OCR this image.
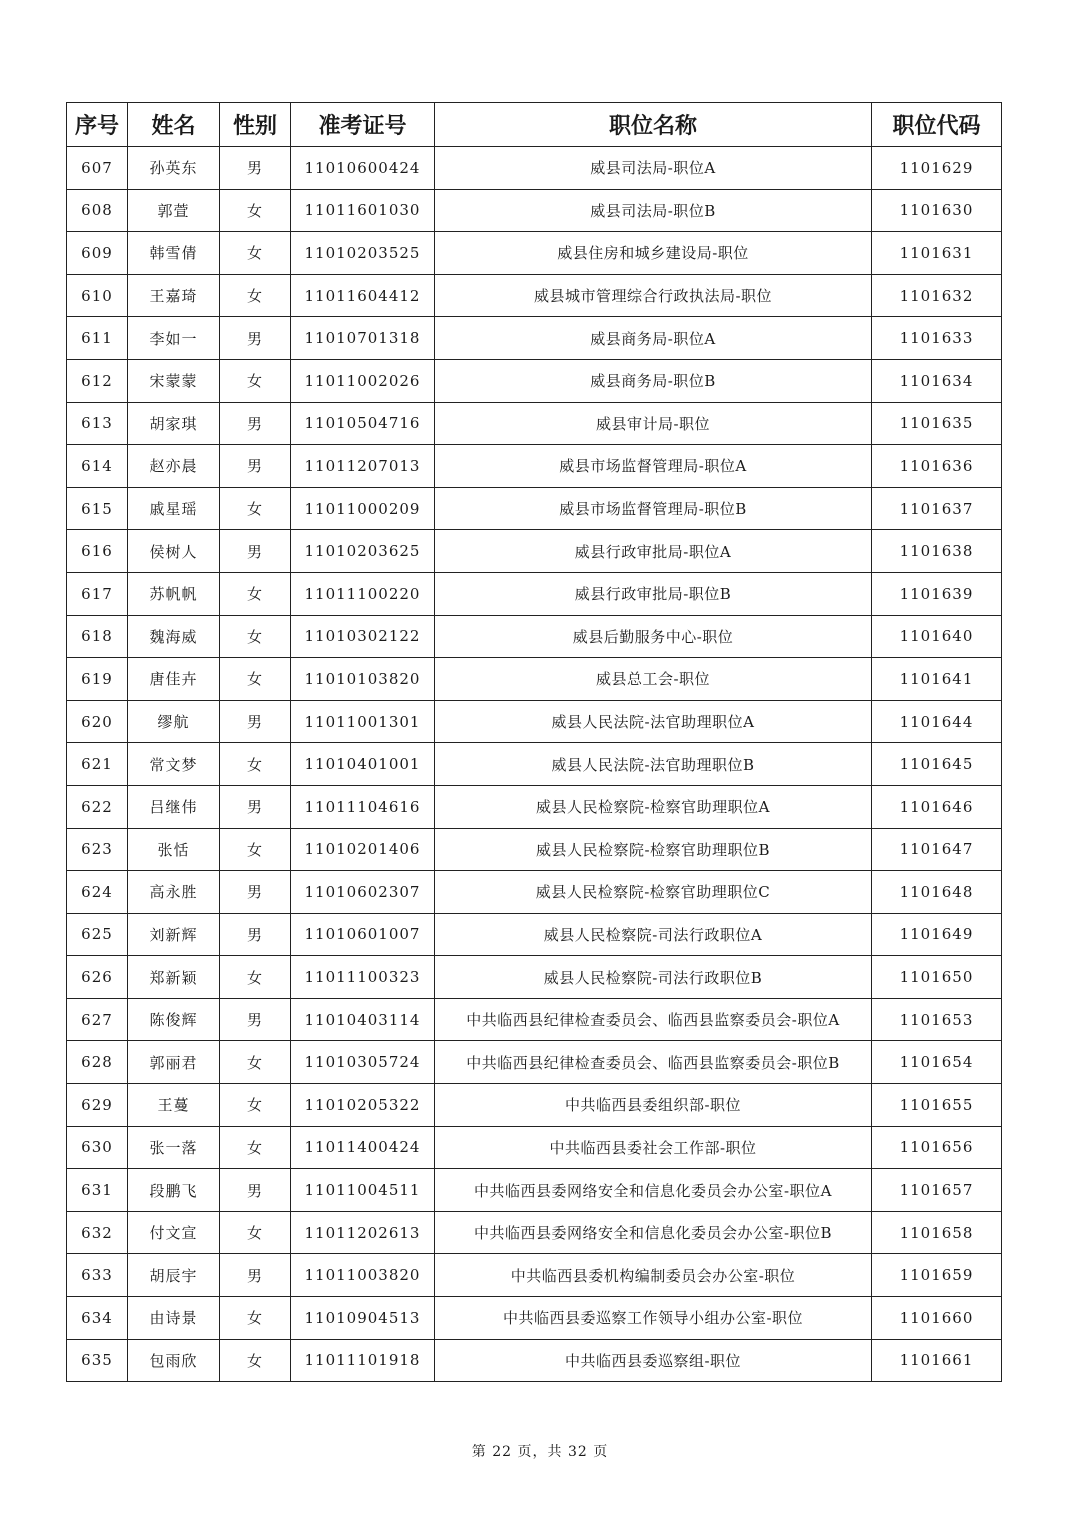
序号	姓名	性别	准考证号	职位名称	职位代码
607	孙英东	男	11010600424	威县司法局-职位A	1101629
608	郭萱	女	11011601030	威县司法局-职位B	1101630
609	韩雪倩	女	11010203525	威县住房和城乡建设局-职位	1101631
610	王嘉琦	女	11011604412	威县城市管理综合行政执法局-职位	1101632
611	李如一	男	11010701318	威县商务局-职位A	1101633
612	宋蒙蒙	女	11011002026	威县商务局-职位B	1101634
613	胡家琪	男	11010504716	威县审计局-职位	1101635
614	赵亦晨	男	11011207013	威县市场监督管理局-职位A	1101636
615	戚星瑶	女	11011000209	威县市场监督管理局-职位B	1101637
616	侯树人	男	11010203625	威县行政审批局-职位A	1101638
617	苏帆帆	女	11011100220	威县行政审批局-职位B	1101639
618	魏海威	女	11010302122	威县后勤服务中心-职位	1101640
619	唐佳卉	女	11010103820	威县总工会-职位	1101641
620	缪航	男	11011001301	威县人民法院-法官助理职位A	1101644
621	常文梦	女	11010401001	威县人民法院-法官助理职位B	1101645
622	吕继伟	男	11011104616	威县人民检察院-检察官助理职位A	1101646
623	张恬	女	11010201406	威县人民检察院-检察官助理职位B	1101647
624	高永胜	男	11010602307	威县人民检察院-检察官助理职位C	1101648
625	刘新辉	男	11010601007	威县人民检察院-司法行政职位A	1101649
626	郑新颖	女	11011100323	威县人民检察院-司法行政职位B	1101650
627	陈俊辉	男	11010403114	中共临西县纪律检查委员会、临西县监察委员会-职位A	1101653
628	郭丽君	女	11010305724	中共临西县纪律检查委员会、临西县监察委员会-职位B	1101654
629	王蔓	女	11010205322	中共临西县委组织部-职位	1101655
630	张一落	女	11011400424	中共临西县委社会工作部-职位	1101656
631	段鹏飞	男	11011004511	中共临西县委网络安全和信息化委员会办公室-职位A	1101657
632	付文宣	女	11011202613	中共临西县委网络安全和信息化委员会办公室-职位B	1101658
633	胡辰宇	男	11011003820	中共临西县委机构编制委员会办公室-职位	1101659
634	由诗景	女	11010904513	中共临西县委巡察工作领导小组办公室-职位	1101660
635	包雨欣	女	11011101918	中共临西县委巡察组-职位	1101661
第 22 页，共 32 页
